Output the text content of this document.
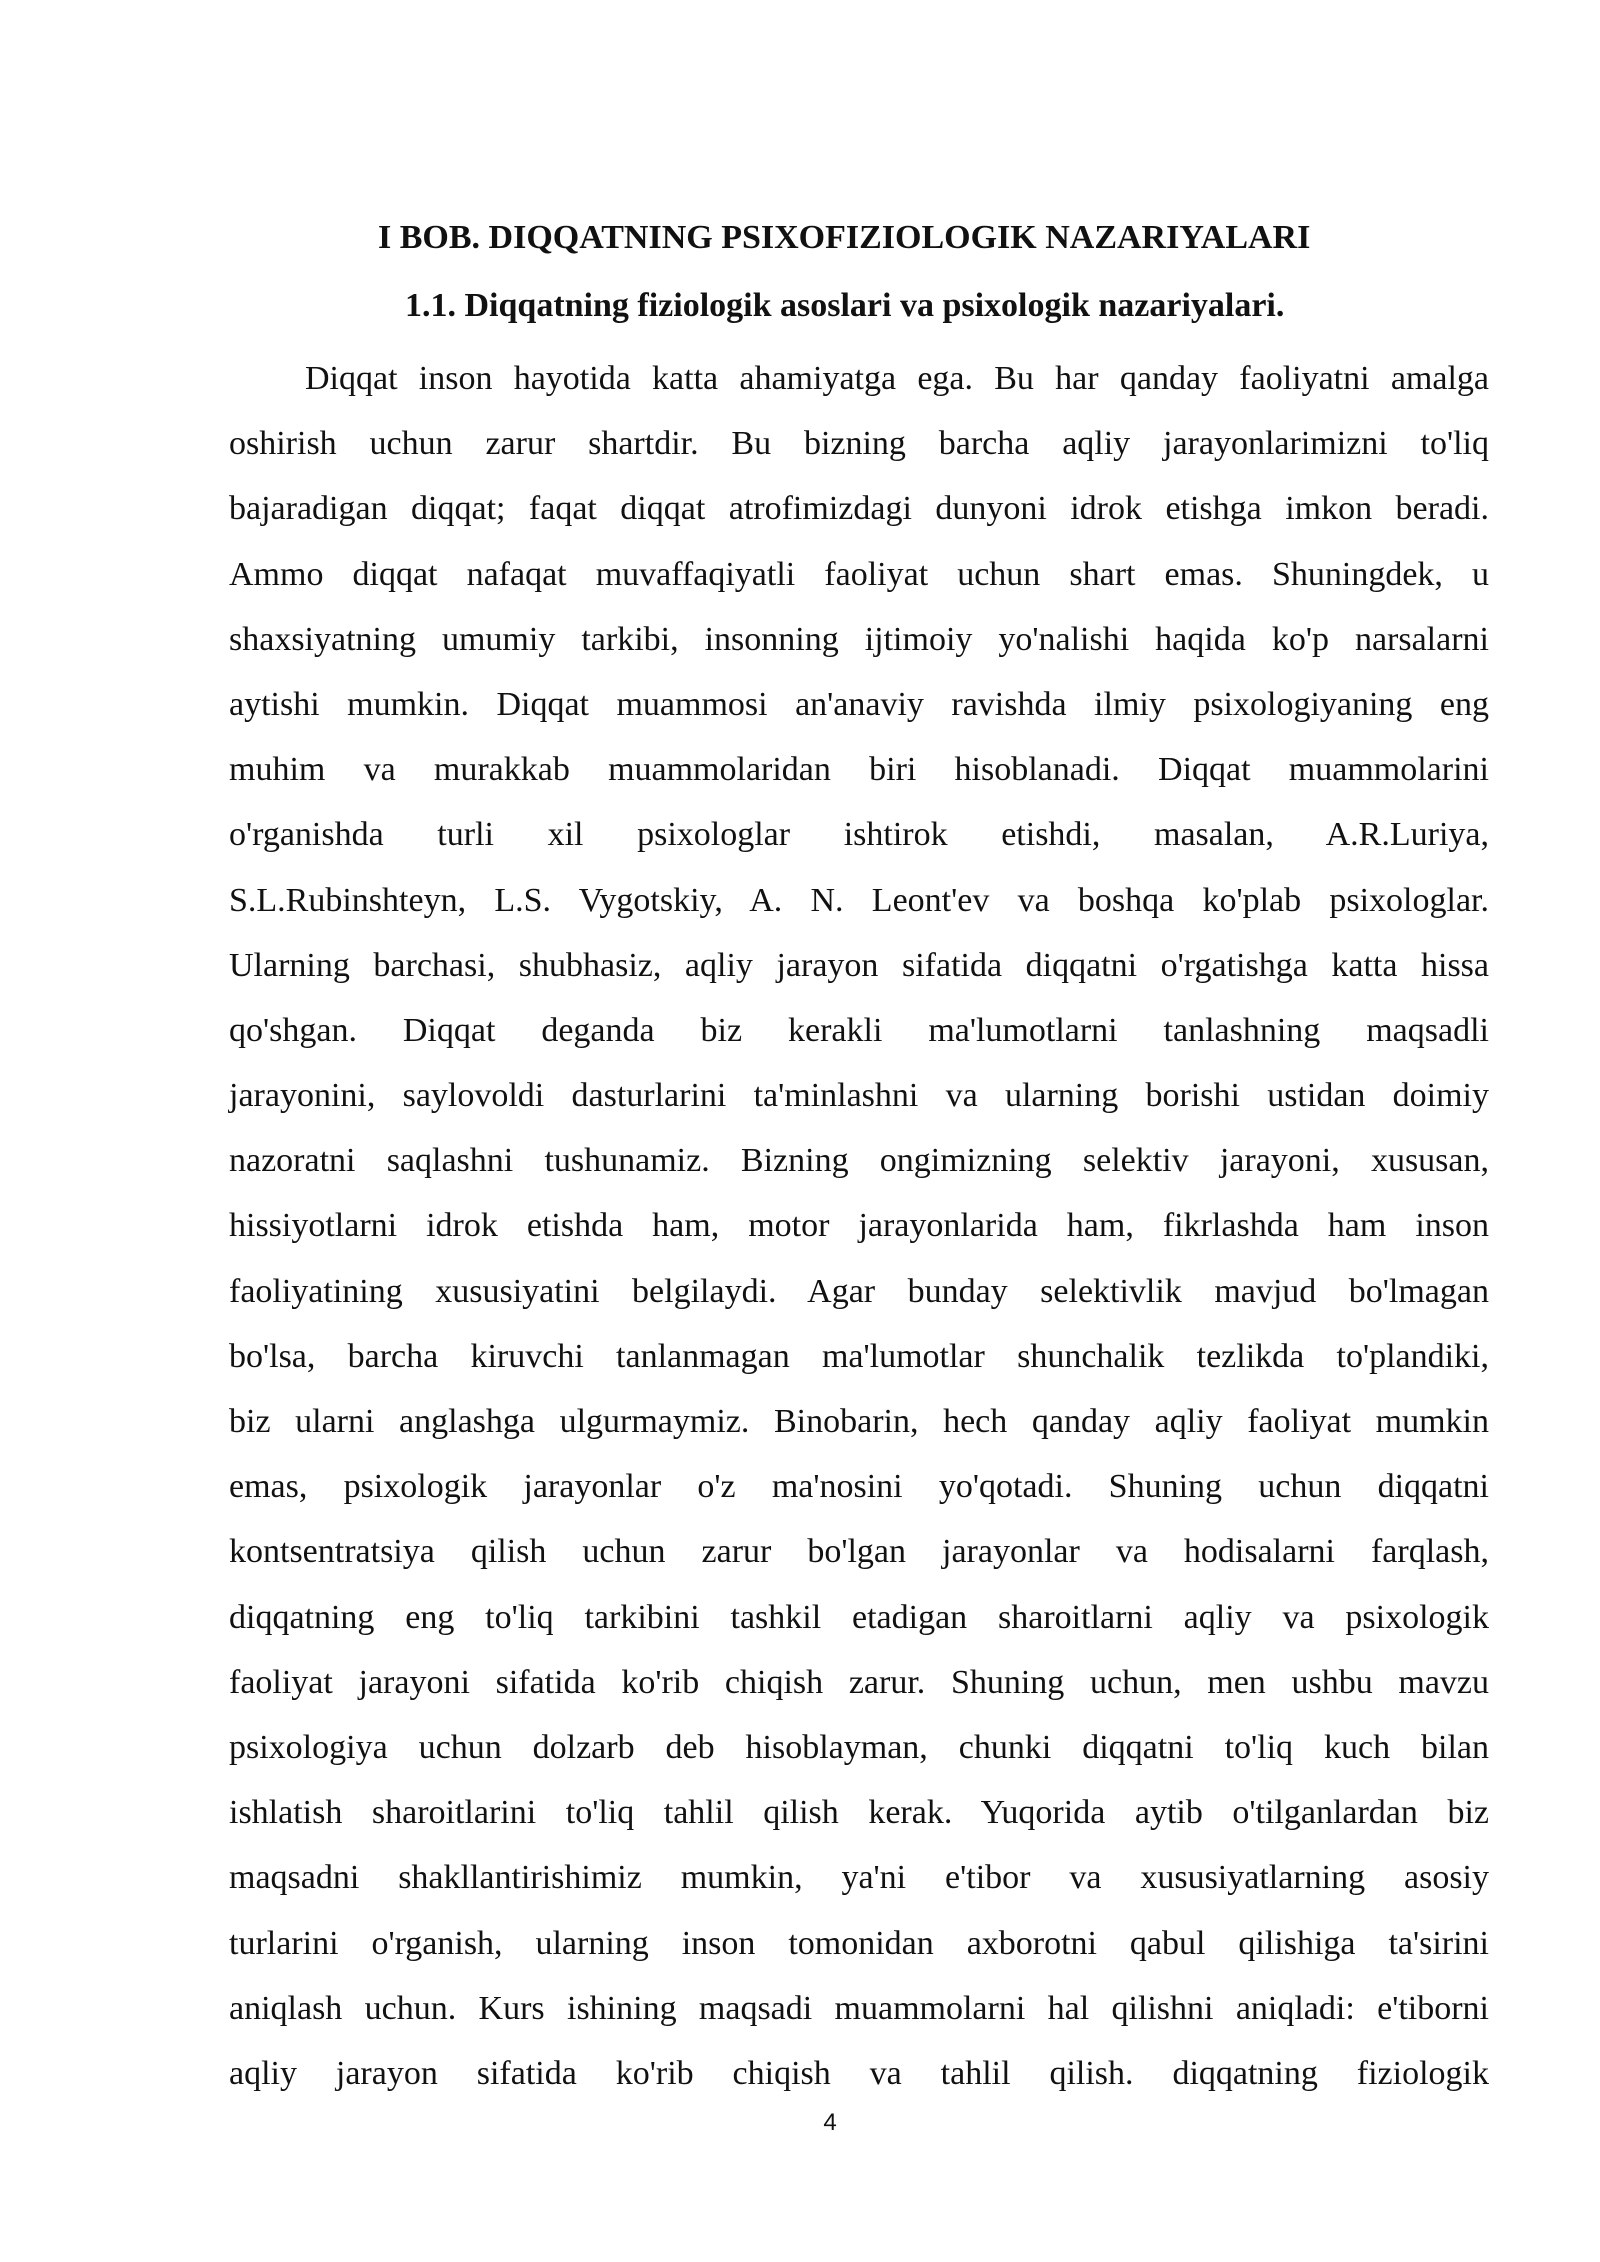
I BOB. DIQQATNING PSIXOFIZIOLOGIK NAZARIYALARI
1.1. Diqqatning fiziologik asoslari va psixologik nazariyalari.
Diqqat inson hayotida katta ahamiyatga ega. Bu har qanday faoliyatni amalga
oshirish uchun zarur shartdir. Bu bizning barcha aqliy jarayonlarimizni to'liq
bajaradigan diqqat; faqat diqqat atrofimizdagi dunyoni idrok etishga imkon beradi.
Ammo diqqat nafaqat muvaffaqiyatli faoliyat uchun shart emas. Shuningdek, u
shaxsiyatning umumiy tarkibi, insonning ijtimoiy yo'nalishi haqida ko'p narsalarni
aytishi mumkin. Diqqat muammosi an'anaviy ravishda ilmiy psixologiyaning eng
muhim va murakkab muammolaridan biri hisoblanadi. Diqqat muammolarini
o'rganishda turli xil psixologlar ishtirok etishdi, masalan, A.R.Luriya,
S.L.Rubinshteyn, L.S. Vygotskiy, A. N. Leont'ev va boshqa ko'plab psixologlar.
Ularning barchasi, shubhasiz, aqliy jarayon sifatida diqqatni o'rgatishga katta hissa
qo'shgan. Diqqat deganda biz kerakli ma'lumotlarni tanlashning maqsadli
jarayonini, saylovoldi dasturlarini ta'minlashni va ularning borishi ustidan doimiy
nazoratni saqlashni tushunamiz. Bizning ongimizning selektiv jarayoni, xususan,
hissiyotlarni idrok etishda ham, motor jarayonlarida ham, fikrlashda ham inson
faoliyatining xususiyatini belgilaydi. Agar bunday selektivlik mavjud bo'lmagan
bo'lsa, barcha kiruvchi tanlanmagan ma'lumotlar shunchalik tezlikda to'plandiki,
biz ularni anglashga ulgurmaymiz. Binobarin, hech qanday aqliy faoliyat mumkin
emas, psixologik jarayonlar o'z ma'nosini yo'qotadi. Shuning uchun diqqatni
kontsentratsiya qilish uchun zarur bo'lgan jarayonlar va hodisalarni farqlash,
diqqatning eng to'liq tarkibini tashkil etadigan sharoitlarni aqliy va psixologik
faoliyat jarayoni sifatida ko'rib chiqish zarur. Shuning uchun, men ushbu mavzu
psixologiya uchun dolzarb deb hisoblayman, chunki diqqatni to'liq kuch bilan
ishlatish sharoitlarini to'liq tahlil qilish kerak. Yuqorida aytib o'tilganlardan biz
maqsadni shakllantirishimiz mumkin, ya'ni e'tibor va xususiyatlarning asosiy
turlarini o'rganish, ularning inson tomonidan axborotni qabul qilishiga ta'sirini
aniqlash uchun. Kurs ishining maqsadi muammolarni hal qilishni aniqladi: e'tiborni
aqliy jarayon sifatida ko'rib chiqish va tahlil qilish. diqqatning fiziologik
4
